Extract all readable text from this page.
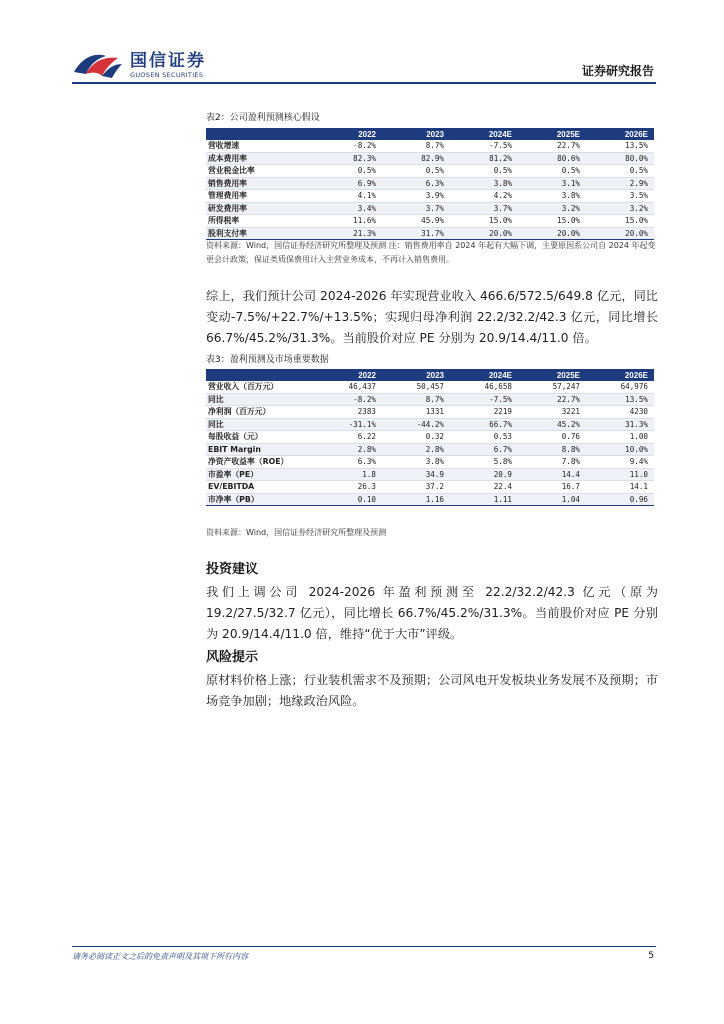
国信证券
GUOSEN SECURITIES	证券研究报告
表2：公司盈利预测核心假设
	2022	2023	2024E	2025E	2026E
营收增速	-8.2%	8.7%	-7.5%	22.7%	13.5%
成本费用率	82.3%	82.9%	81.2%	80.6%	80.0%
营业税金比率	0.5%	0.5%	0.5%	0.5%	0.5%
销售费用率	6.9%	6.3%	3.8%	3.1%	2.9%
管理费用率	4.1%	3.9%	4.2%	3.8%	3.5%
研发费用率	3.4%	3.7%	3.7%	3.2%	3.2%
所得税率	11.6%	45.9%	15.0%	15.0%	15.0%
股利支付率	21.3%	31.7%	20.0%	20.0%	20.0%
资料来源：Wind，国信证券经济研究所整理及预测 注：销售费用率自 2024 年起有大幅下调，主要原因系公司自 2024 年起变更会计政策，保证类质保费用计入主营业务成本，不再计入销售费用。
综上，我们预计公司 2024-2026 年实现营业收入 466.6/572.5/649.8 亿元，同比变动-7.5%/+22.7%/+13.5%；实现归母净利润 22.2/32.2/42.3 亿元，同比增长 66.7%/45.2%/31.3%。当前股价对应 PE 分别为 20.9/14.4/11.0 倍。
表3：盈利预测及市场重要数据
	2022	2023	2024E	2025E	2026E
营业收入（百万元）	46,437	50,457	46,658	57,247	64,976
同比	-8.2%	8.7%	-7.5%	22.7%	13.5%
净利润（百万元）	2383	1331	2219	3221	4230
同比	-31.1%	-44.2%	66.7%	45.2%	31.3%
每股收益（元）	6.22	0.32	0.53	0.76	1.00
EBIT Margin	2.8%	2.8%	6.7%	8.8%	10.0%
净资产收益率（ROE）	6.3%	3.8%	5.8%	7.8%	9.4%
市盈率（PE）	1.8	34.9	20.9	14.4	11.0
EV/EBITDA	26.3	37.2	22.4	16.7	14.1
市净率（PB）	0.10	1.16	1.11	1.04	0.96
资料来源：Wind，国信证券经济研究所整理及预测
投资建议
我们上调公司 2024-2026 年盈利预测至 22.2/32.2/42.3 亿元（原为 19.2/27.5/32.7 亿元），同比增长 66.7%/45.2%/31.3%。当前股价对应 PE 分别为 20.9/14.4/11.0 倍，维持“优于大市”评级。
风险提示
原材料价格上涨；行业装机需求不及预期；公司风电开发板块业务发展不及预期；市场竞争加剧；地缘政治风险。
请务必阅读正文之后的免责声明及其项下所有内容	5
